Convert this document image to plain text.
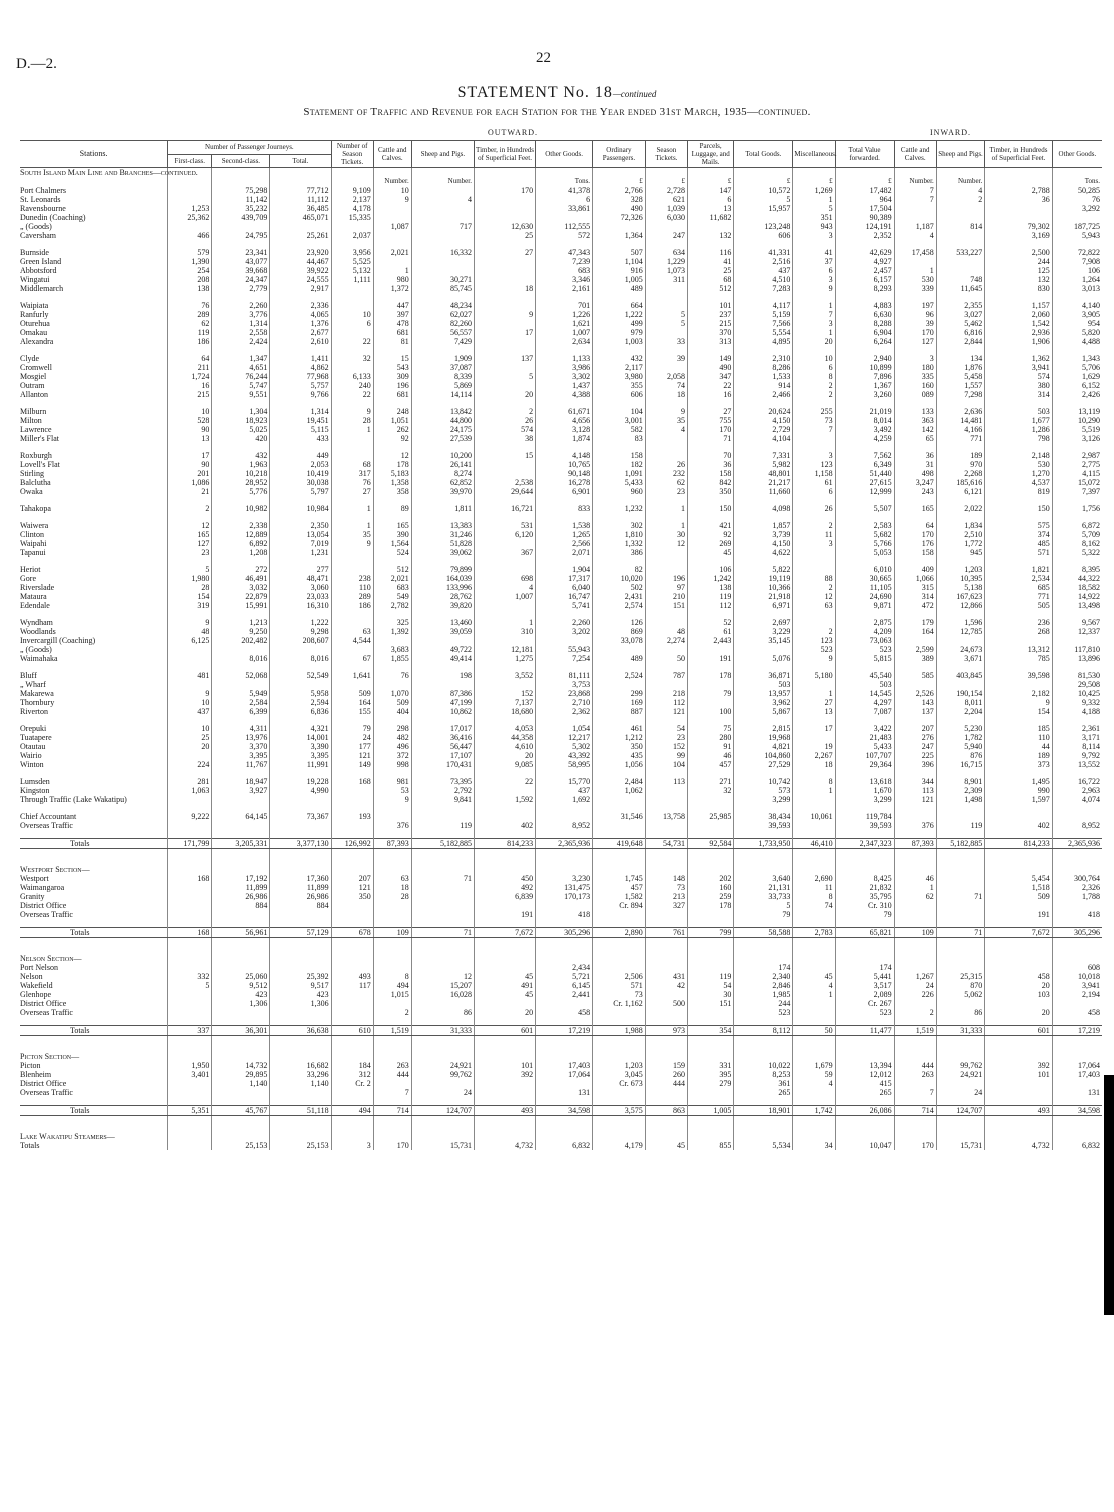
D.—2.	22
STATEMENT No. 18—continued
Statement of Traffic and Revenue for each Station for the Year ended 31st March, 1935—continued.
OUTWARD.	INWARD.
Stations.	Number of Passenger Journeys.			Number of Season Tickets.	Cattle and Calves.	Sheep and Pigs.	Timber, in Hundreds of Superficial Feet.	Other Goods.	Ordinary Passengers.	Season Tickets.	Parcels, Luggage, and Mails.	Total Goods.	Miscellaneous.	Total Value forwarded.	Cattle and Calves.	Sheep and Pigs.	Timber, in Hundreds of Superficial Feet.	Other Goods.
	First-class.	Second-class.	Total.															
South Island Main Line and Branches—continued.																		
					Number.	Number.		Tons.	£	£	£	£	£	£	Number.	Number.		Tons.
Port Chalmers		75,298	77,712	9,109	10		170	41,378	2,766	2,728	147	10,572	1,269	17,482	7	4	2,788	50,285
St. Leonards		11,142	11,112	2,137	9	4		6	328	621	6	5	1	964	7	2	36	76
Ravensbourne	1,253	35,232	36,485	4,178				33,861	490	1,039	13	15,957	5	17,504				3,292
Dunedin (Coaching)	25,362	439,709	465,071	15,335					72,326	6,030	11,682		351	90,389				
„ (Goods)					1,087	717	12,630	112,555				123,248	943	124,191	1,187	814	79,302	187,725
Caversham	466	24,795	25,261	2,037			25	572	1,364	247	132	606	3	2,352	4		3,169	5,943

Burnside	579	23,341	23,920	3,956	2,021	16,332	27	47,343	507	634	116	41,331	41	42,629	17,458	533,227	2,500	72,822
Green Island	1,390	43,077	44,467	5,525				7,239	1,104	1,229	41	2,516	37	4,927			244	7,908
Abbotsford	254	39,668	39,922	5,132	1			683	916	1,073	25	437	6	2,457	1		125	106
Wingatui	208	24,347	24,555	1,111	980	30,271		3,346	1,005	311	68	4,510	3	6,157	530	748	132	1,264
Middlemarch	138	2,779	2,917		1,372	85,745	18	2,161	489		512	7,283	9	8,293	339	11,645	830	3,013

Waipiata	76	2,260	2,336		447	48,234		701	664		101	4,117	1	4,883	197	2,355	1,157	4,140
Ranfurly	289	3,776	4,065	10	397	62,027	9	1,226	1,222	5	237	5,159	7	6,630	96	3,027	2,060	3,905
Oturehua	62	1,314	1,376	6	478	82,260		1,621	499	5	215	7,566	3	8,288	39	5,462	1,542	954
Omakau	119	2,558	2,677		681	56,557	17	1,007	979		370	5,554	1	6,904	170	6,816	2,936	5,820
Alexandra	186	2,424	2,610	22	81	7,429		2,634	1,003	33	313	4,895	20	6,264	127	2,844	1,906	4,488

Clyde	64	1,347	1,411	32	15	1,909	137	1,133	432	39	149	2,310	10	2,940	3	134	1,362	1,343
Cromwell	211	4,651	4,862		543	37,087		3,986	2,117		490	8,286	6	10,899	180	1,876	3,941	5,706
Mosgiel	1,724	76,244	77,968	6,133	309	8,339	5	3,302	3,980	2,058	347	1,533	8	7,896	335	5,458	574	1,629
Outram	16	5,747	5,757	240	196	5,869		1,437	355	74	22	914	2	1,367	160	1,557	380	6,152
Allanton	215	9,551	9,766	22	681	14,114	20	4,388	606	18	16	2,466	2	3,260	089	7,298	314	2,426

Milburn	10	1,304	1,314	9	248	13,842	2	61,671	104	9	27	20,624	255	21,019	133	2,636	503	13,119
Milton	528	18,923	19,451	28	1,051	44,800	26	4,656	3,001	35	755	4,150	73	8,014	363	14,481	1,677	10,290
Lawrence	90	5,025	5,115	1	262	24,175	574	3,128	582	4	170	2,729	7	3,492	142	4,166	1,286	5,519
Miller's Flat	13	420	433		92	27,539	38	1,874	83		71	4,104		4,259	65	771	798	3,126

Roxburgh	17	432	449		12	10,200	15	4,148	158		70	7,331	3	7,562	36	189	2,148	2,987
Lovell's Flat	90	1,963	2,053	68	178	26,141		10,765	182	26	36	5,982	123	6,349	31	970	530	2,775
Stirling	201	10,218	10,419	317	5,183	8,274		90,148	1,091	232	158	48,801	1,158	51,440	498	2,268	1,270	4,115
Balclutha	1,086	28,952	30,038	76	1,358	62,852	2,538	16,278	5,433	62	842	21,217	61	27,615	3,247	185,616	4,537	15,072
Owaka	21	5,776	5,797	27	358	39,970	29,644	6,901	960	23	350	11,660	6	12,999	243	6,121	819	7,397

Tahakopa	2	10,982	10,984	1	89	1,811	16,721	833	1,232	1	150	4,098	26	5,507	165	2,022	150	1,756

Waiwera	12	2,338	2,350	1	165	13,383	531	1,538	302	1	421	1,857	2	2,583	64	1,834	575	6,872
Clinton	165	12,889	13,054	35	390	31,246	6,120	1,265	1,810	30	92	3,739	11	5,682	170	2,510	374	5,709
Waipahi	127	6,892	7,019	9	1,564	51,828		2,566	1,332	12	269	4,150	3	5,766	176	1,772	485	8,162
Tapanui	23	1,208	1,231		524	39,062	367	2,071	386		45	4,622		5,053	158	945	571	5,322

Heriot	5	272	277		512	79,899		1,904	82		106	5,822		6,010	409	1,203	1,821	8,395
Gore	1,980	46,491	48,471	238	2,021	164,039	698	17,317	10,020	196	1,242	19,119	88	30,665	1,066	10,395	2,534	44,322
Riverslade	28	3,032	3,060	110	683	133,996	4	6,040	502	97	138	10,366	2	11,105	315	5,138	685	18,582
Mataura	154	22,879	23,033	289	549	28,762	1,007	16,747	2,431	210	119	21,918	12	24,690	314	167,623	771	14,922
Edendale	319	15,991	16,310	186	2,782	39,820		5,741	2,574	151	112	6,971	63	9,871	472	12,866	505	13,498

Wyndham	9	1,213	1,222		325	13,460	1	2,260	126		52	2,697		2,875	179	1,596	236	9,567
Woodlands	48	9,250	9,298	63	1,392	39,059	310	3,202	869	48	61	3,229	2	4,209	164	12,785	268	12,337
Invercargill (Coaching)	6,125	202,482	208,607	4,544					33,078	2,274	2,443	35,145	123	73,063				
„ (Goods)					3,683	49,722	12,181	55,943					523	523	2,599	24,673	13,312	117,810
Waimahaka		8,016	8,016	67	1,855	49,414	1,275	7,254	489	50	191	5,076	9	5,815	389	3,671	785	13,896

Bluff	481	52,068	52,549	1,641	76	198	3,552	81,111	2,524	787	178	36,871	5,180	45,540	585	403,845	39,598	81,530
„ Wharf								3,753				503		503				29,508
Makarewa	9	5,949	5,958	509	1,070	87,386	152	23,868	299	218	79	13,957	1	14,545	2,526	190,154	2,182	10,425
Thornbury	10	2,584	2,594	164	509	47,199	7,137	2,710	169	112		3,962	27	4,297	143	8,011	9	9,332
Riverton	437	6,399	6,836	155	404	10,862	18,680	2,362	887	121	100	5,867	13	7,087	137	2,204	154	4,188

Orepuki	10	4,311	4,321	79	298	17,017	4,053	1,054	461	54	75	2,815	17	3,422	207	5,230	185	2,361
Tuatapere	25	13,976	14,001	24	482	36,416	44,358	12,217	1,212	23	280	19,968		21,483	276	1,782	110	3,171
Otautau	20	3,370	3,390	177	496	56,447	4,610	5,302	350	152	91	4,821	19	5,433	247	5,940	44	8,114
Wairio		3,395	3,395	121	372	17,107	20	43,392	435	99	46	104,860	2,267	107,707	225	876	189	9,792
Winton	224	11,767	11,991	149	998	170,431	9,085	58,995	1,056	104	457	27,529	18	29,364	396	16,715	373	13,552

Lumsden	281	18,947	19,228	168	981	73,395	22	15,770	2,484	113	271	10,742	8	13,618	344	8,901	1,495	16,722
Kingston	1,063	3,927	4,990		53	2,792		437	1,062		32	573	1	1,670	113	2,309	990	2,963
Through Traffic (Lake Wakatipu)					9	9,841	1,592	1,692				3,299		3,299	121	1,498	1,597	4,074

Chief Accountant	9,222	64,145	73,367	193					31,546	13,758	25,985	38,434	10,061	119,784				
Overseas Traffic					376	119	402	8,952				39,593		39,593	376	119	402	8,952

Totals	171,799	3,205,331	3,377,130	126,992	87,393	5,182,885	814,233	2,365,936	419,648	54,731	92,584	1,733,950	46,410	2,347,323	87,393	5,182,885	814,233	2,365,936

Westport Section—																		
Westport	168	17,192	17,360	207	63	71	450	3,230	1,745	148	202	3,640	2,690	8,425	46		5,454	300,764
Waimangaroa		11,899	11,899	121	18		492	131,475	457	73	160	21,131	11	21,832	1		1,518	2,326
Granity		26,986	26,986	350	28		6,839	170,173	1,582	213	259	33,733	8	35,795	62	71	509	1,788
District Office		884	884						Cr. 894	327	178	5	74	Cr. 310				
Overseas Traffic							191	418				79		79			191	418

Totals	168	56,961	57,129	678	109	71	7,672	305,296	2,890	761	799	58,588	2,783	65,821	109	71	7,672	305,296

Nelson Section—																		
Port Nelson								2,434				174		174				608
Nelson	332	25,060	25,392	493	8	12	45	5,721	2,506	431	119	2,340	45	5,441	1,267	25,315	458	10,018
Wakefield	5	9,512	9,517	117	494	15,207	491	6,145	571	42	54	2,846	4	3,517	24	870	20	3,941
Glenhope		423	423		1,015	16,028	45	2,441	73		30	1,985	1	2,089	226	5,062	103	2,194
District Office		1,306	1,306						Cr. 1,162	500	151	244		Cr. 267				
Overseas Traffic					2	86	20	458				523		523	2	86	20	458

Totals	337	36,301	36,638	610	1,519	31,333	601	17,219	1,988	973	354	8,112	50	11,477	1,519	31,333	601	17,219

Picton Section—																		
Picton	1,950	14,732	16,682	184	263	24,921	101	17,403	1,203	159	331	10,022	1,679	13,394	444	99,762	392	17,064
Blenheim	3,401	29,895	33,296	312	444	99,762	392	17,064	3,045	260	395	8,253	59	12,012	263	24,921	101	17,403
District Office		1,140	1,140	Cr. 2					Cr. 673	444	279	361	4	415				
Overseas Traffic					7	24		131				265		265	7	24		131

Totals	5,351	45,767	51,118	494	714	124,707	493	34,598	3,575	863	1,005	18,901	1,742	26,086	714	124,707	493	34,598

Lake Wakatipu Steamers—																		
Totals		25,153	25,153	3	170	15,731	4,732	6,832	4,179	45	855	5,534	34	10,047	170	15,731	4,732	6,832
